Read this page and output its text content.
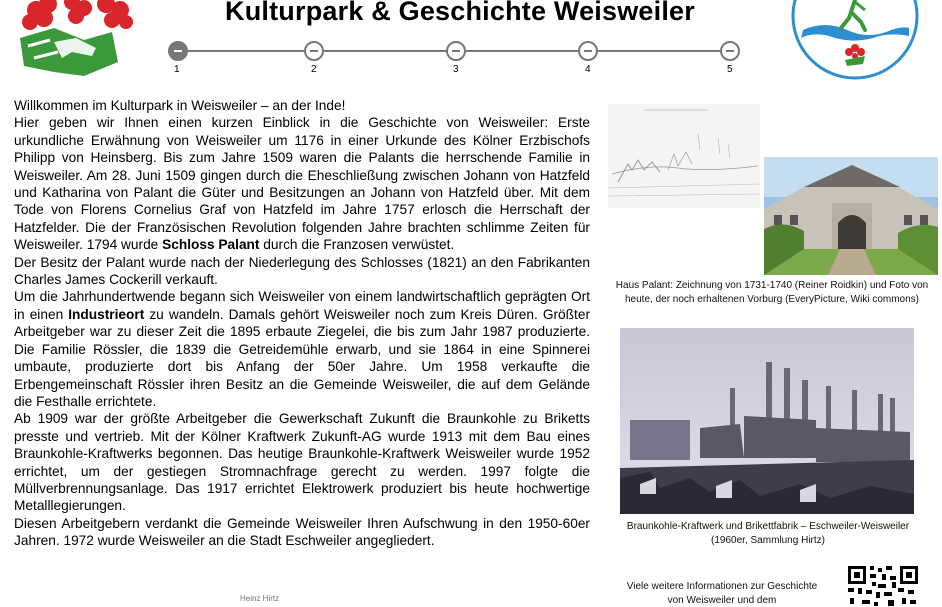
Kulturpark & Geschichte Weisweiler
1	2	3	4	5

Willkommen im Kulturpark in Weisweiler – an der Inde!

Hier geben wir Ihnen einen kurzen Einblick in die Geschichte von Weisweiler: Erste urkundliche Erwähnung von Weisweiler um 1176 in einer Urkunde des Kölner Erzbischofs Philipp von Heinsberg. Bis zum Jahre 1509 waren die Palants die herrschende Familie in Weisweiler. Am 28. Juni 1509 gingen durch die Eheschließung zwischen Johann von Hatzfeld und Katharina von Palant die Güter und Besitzungen an Johann von Hatzfeld über. Mit dem Tode von Florens Cornelius Graf von Hatzfeld im Jahre 1757 erlosch die Herrschaft der Hatzfelder. Die der Französischen Revolution folgenden Jahre brachten schlimme Zeiten für Weisweiler. 1794 wurde Schloss Palant durch die Franzosen verwüstet.

Der Besitz der Palant wurde nach der Niederlegung des Schlosses (1821) an den Fabrikanten Charles James Cockerill verkauft.

Um die Jahrhundertwende begann sich Weisweiler von einem landwirtschaftlich geprägten Ort in einen Industrieort zu wandeln. Damals gehört Weisweiler noch zum Kreis Düren. Größter Arbeitgeber war zu dieser Zeit die 1895 erbaute Ziegelei, die bis zum Jahr 1987 produzierte. Die Familie Rössler, die 1839 die Getreidemühle erwarb, und sie 1864 in eine Spinnerei umbaute, produzierte dort bis Anfang der 50er Jahre. Um 1958 verkaufte die Erbengemeinschaft Rössler ihren Besitz an die Gemeinde Weisweiler, die auf dem Gelände die Festhalle errichtete.

Ab 1909 war der größte Arbeitgeber die Gewerkschaft Zukunft die Braunkohle zu Briketts presste und vertrieb. Mit der Kölner Kraftwerk Zukunft-AG wurde 1913 mit dem Bau eines Braunkohle-Kraftwerks begonnen. Das heutige Braunkohle-Kraftwerk Weisweiler wurde 1952 errichtet, um der gestiegen Stromnachfrage gerecht zu werden. 1997 folgte die Müllverbrennungsanlage. Das 1917 errichtet Elektrowerk produziert bis heute hochwertige Metalllegierungen.

Diesen Arbeitgebern verdankt die Gemeinde Weisweiler Ihren Aufschwung in den 1950-60er Jahren. 1972 wurde Weisweiler an die Stadt Eschweiler angegliedert.

Heinz Hirtz
Haus Palant: Zeichnung von 1731-1740 (Reiner Roidkin) und Foto von heute, der noch erhaltenen Vorburg (EveryPicture, Wiki commons)
Braunkohle-Kraftwerk und Brikettfabrik – Eschweiler-Weisweiler (1960er, Sammlung Hirtz)
Viele weitere Informationen zur Geschichte von Weisweiler und dem
